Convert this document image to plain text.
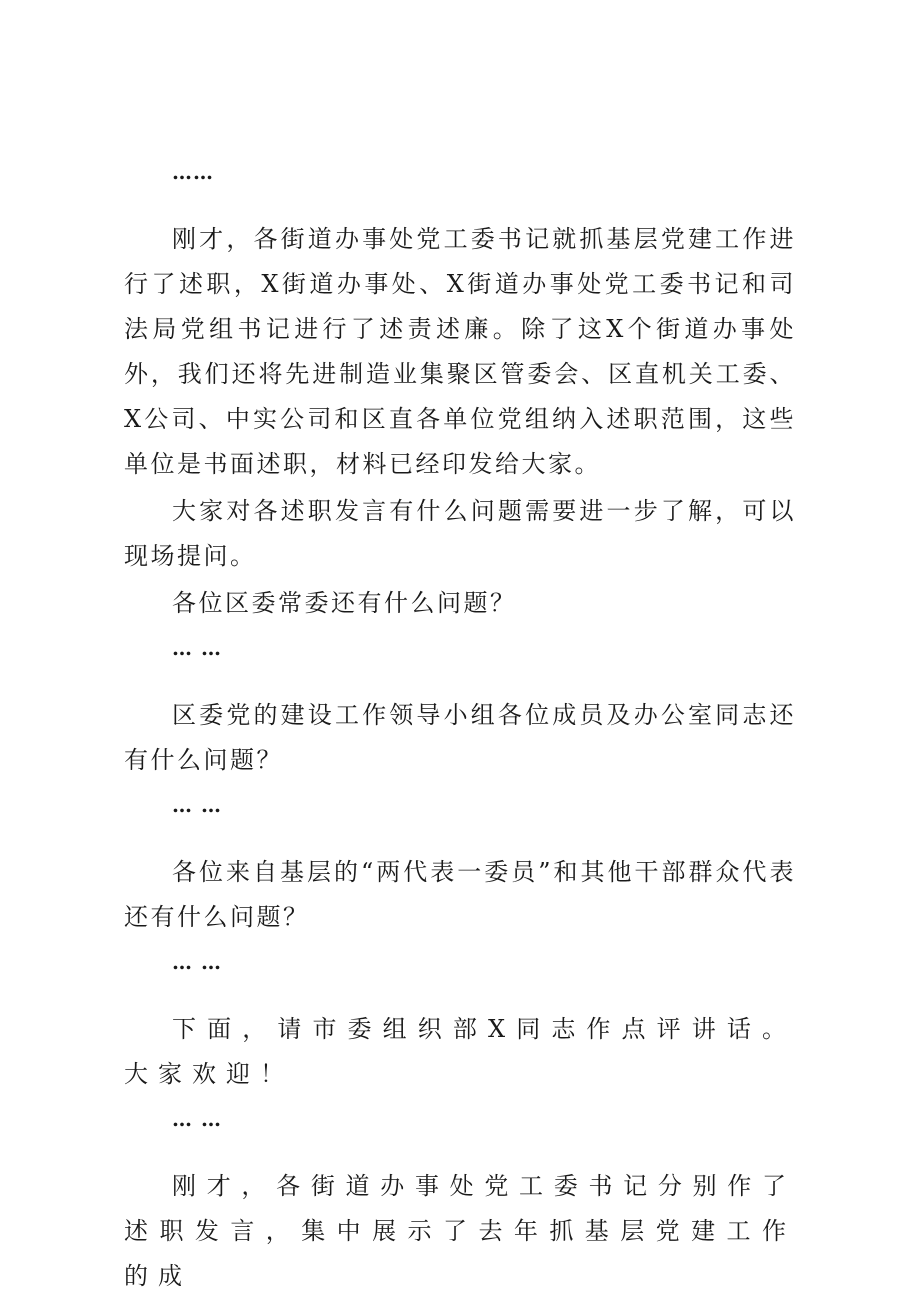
……

刚才，各街道办事处党工委书记就抓基层党建工作进行了述职，X街道办事处、X街道办事处党工委书记和司法局党组书记进行了述责述廉。除了这X个街道办事处外，我们还将先进制造业集聚区管委会、区直机关工委、X公司、中实公司和区直各单位党组纳入述职范围，这些单位是书面述职，材料已经印发给大家。

大家对各述职发言有什么问题需要进一步了解，可以现场提问。

各位区委常委还有什么问题？

… …

区委党的建设工作领导小组各位成员及办公室同志还有什么问题？

… …

各位来自基层的“两代表一委员”和其他干部群众代表还有什么问题？

… …

下面，请市委组织部X同志作点评讲话。大家欢迎！

… …

刚才，各街道办事处党工委书记分别作了述职发言，集中展示了去年抓基层党建工作的成
